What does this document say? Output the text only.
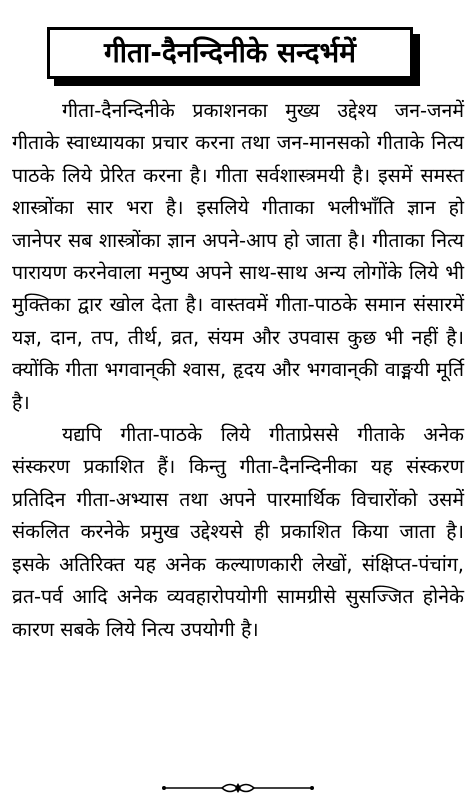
गीता-दैनन्दिनीके सन्दर्भमें

गीता-दैनन्दिनीके प्रकाशनका मुख्य उद्देश्य जन-जनमें गीताके स्वाध्यायका प्रचार करना तथा जन-मानसको गीताके नित्य पाठके लिये प्रेरित करना है। गीता सर्वशास्त्रमयी है। इसमें समस्त शास्त्रोंका सार भरा है। इसलिये गीताका भलीभाँति ज्ञान हो जानेपर सब शास्त्रोंका ज्ञान अपने-आप हो जाता है। गीताका नित्य पारायण करनेवाला मनुष्य अपने साथ-साथ अन्य लोगोंके लिये भी मुक्तिका द्वार खोल देता है। वास्तवमें गीता-पाठके समान संसारमें यज्ञ, दान, तप, तीर्थ, व्रत, संयम और उपवास कुछ भी नहीं है। क्योंकि गीता भगवान्‌की श्वास, हृदय और भगवान्‌की वाङ्मयी मूर्ति है।

यद्यपि गीता-पाठके लिये गीताप्रेससे गीताके अनेक संस्करण प्रकाशित हैं। किन्तु गीता-दैनन्दिनीका यह संस्करण प्रतिदिन गीता-अभ्यास तथा अपने पारमार्थिक विचारोंको उसमें संकलित करनेके प्रमुख उद्देश्यसे ही प्रकाशित किया जाता है। इसके अतिरिक्त यह अनेक कल्याणकारी लेखों, संक्षिप्त-पंचांग, व्रत-पर्व आदि अनेक व्यवहारोपयोगी सामग्रीसे सुसज्जित होनेके कारण सबके लिये नित्य उपयोगी है।
